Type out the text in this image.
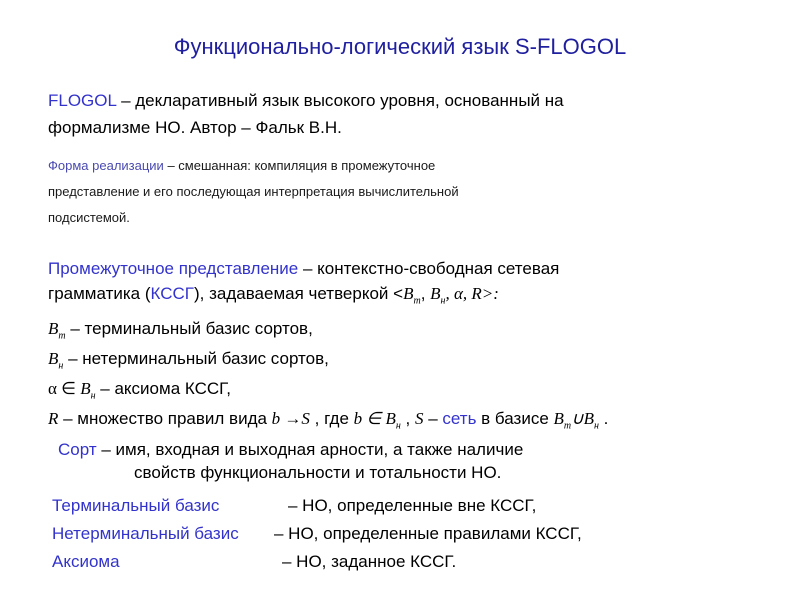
Функционально-логический язык S-FLOGOL
FLOGOL – декларативный язык высокого уровня, основанный на
формализме НО. Автор – Фальк В.Н.
Форма реализации – смешанная: компиляция в промежуточное
представление и его последующая интерпретация вычислительной
подсистемой.
Промежуточное представление – контекстно-свободная сетевая
грамматика (КССГ), задаваемая четверкой $<B_т$, $B_н$, α, R>:
$B_т$ – терминальный базис сортов,
$B_н$ – нетерминальный базис сортов,
α ∈ $B_н$ – аксиома КССГ,
R – множество правил вида b →S , где b ∈ $B_н$ , S – сеть в базисе $B_т\cup B_н$ .
Сорт – имя, входная и выходная арности, а также наличие
свойств функциональности и тотальности НО.
Терминальный базис	– НО, определенные вне КССГ,
Нетерминальный базис – НО, определенные правилами КССГ,
Аксиома	– НО, заданное КССГ.
